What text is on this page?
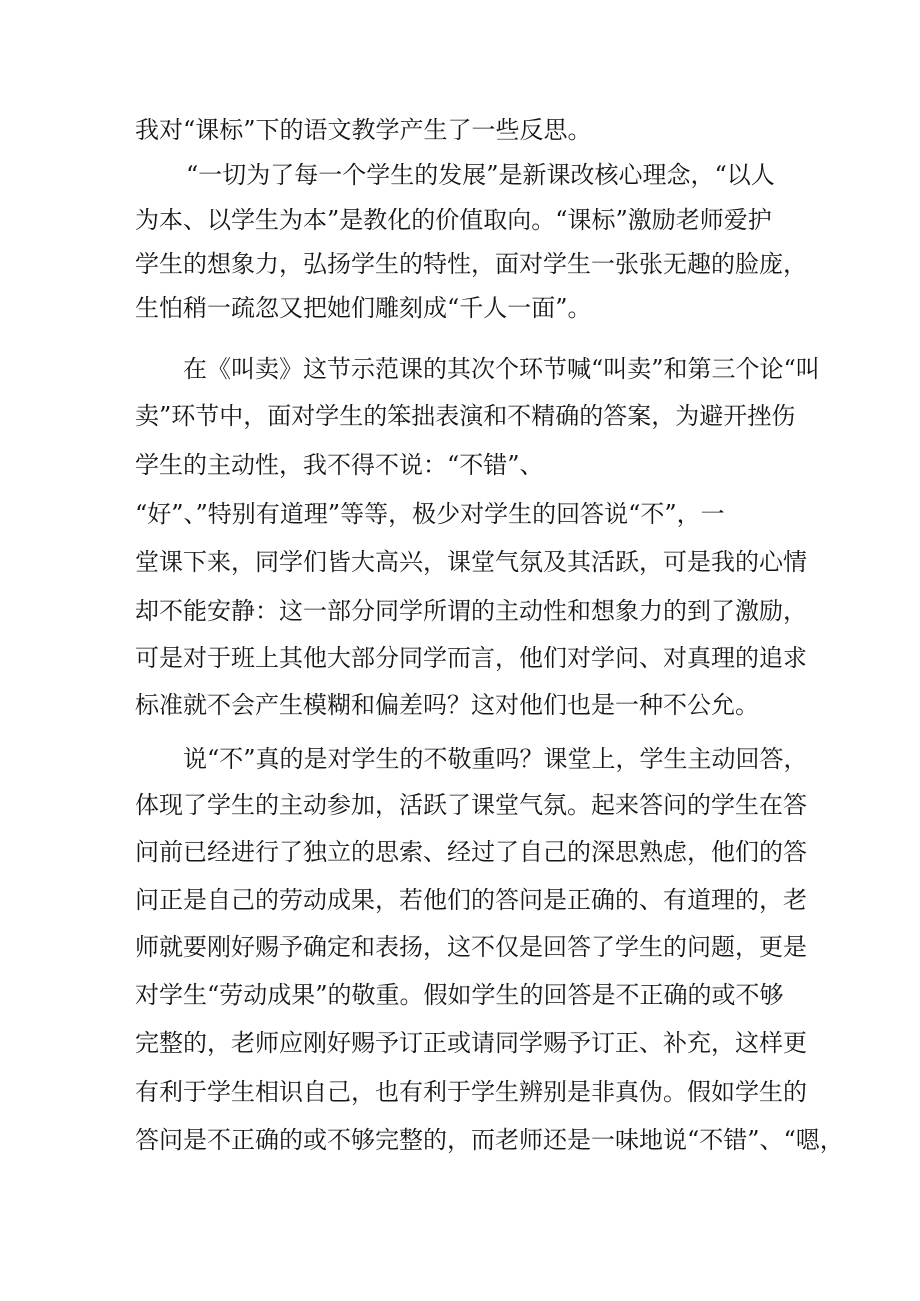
我对“课标”下的语文教学产生了一些反思。

“一切为了每一个学生的发展”是新课改核心理念，“以人

为本、以学生为本”是教化的价值取向。“课标”激励老师爱护

学生的想象力，弘扬学生的特性，面对学生一张张无趣的脸庞，

生怕稍一疏忽又把她们雕刻成“千人一面”。

在《叫卖》这节示范课的其次个环节喊“叫卖”和第三个论“叫

卖”环节中，面对学生的笨拙表演和不精确的答案，为避开挫伤

学生的主动性，我不得不说：“不错”、

“好”、”特别有道理”等等，极少对学生的回答说“不”，一

堂课下来，同学们皆大高兴，课堂气氛及其活跃，可是我的心情

却不能安静：这一部分同学所谓的主动性和想象力的到了激励，

可是对于班上其他大部分同学而言，他们对学问、对真理的追求

标准就不会产生模糊和偏差吗？这对他们也是一种不公允。

说“不”真的是对学生的不敬重吗？课堂上，学生主动回答，

体现了学生的主动参加，活跃了课堂气氛。起来答问的学生在答

问前已经进行了独立的思索、经过了自己的深思熟虑，他们的答

问正是自己的劳动成果，若他们的答问是正确的、有道理的，老

师就要刚好赐予确定和表扬，这不仅是回答了学生的问题，更是

对学生“劳动成果”的敬重。假如学生的回答是不正确的或不够

完整的，老师应刚好赐予订正或请同学赐予订正、补充，这样更

有利于学生相识自己，也有利于学生辨别是非真伪。假如学生的

答问是不正确的或不够完整的，而老师还是一味地说“不错”、“嗯，
